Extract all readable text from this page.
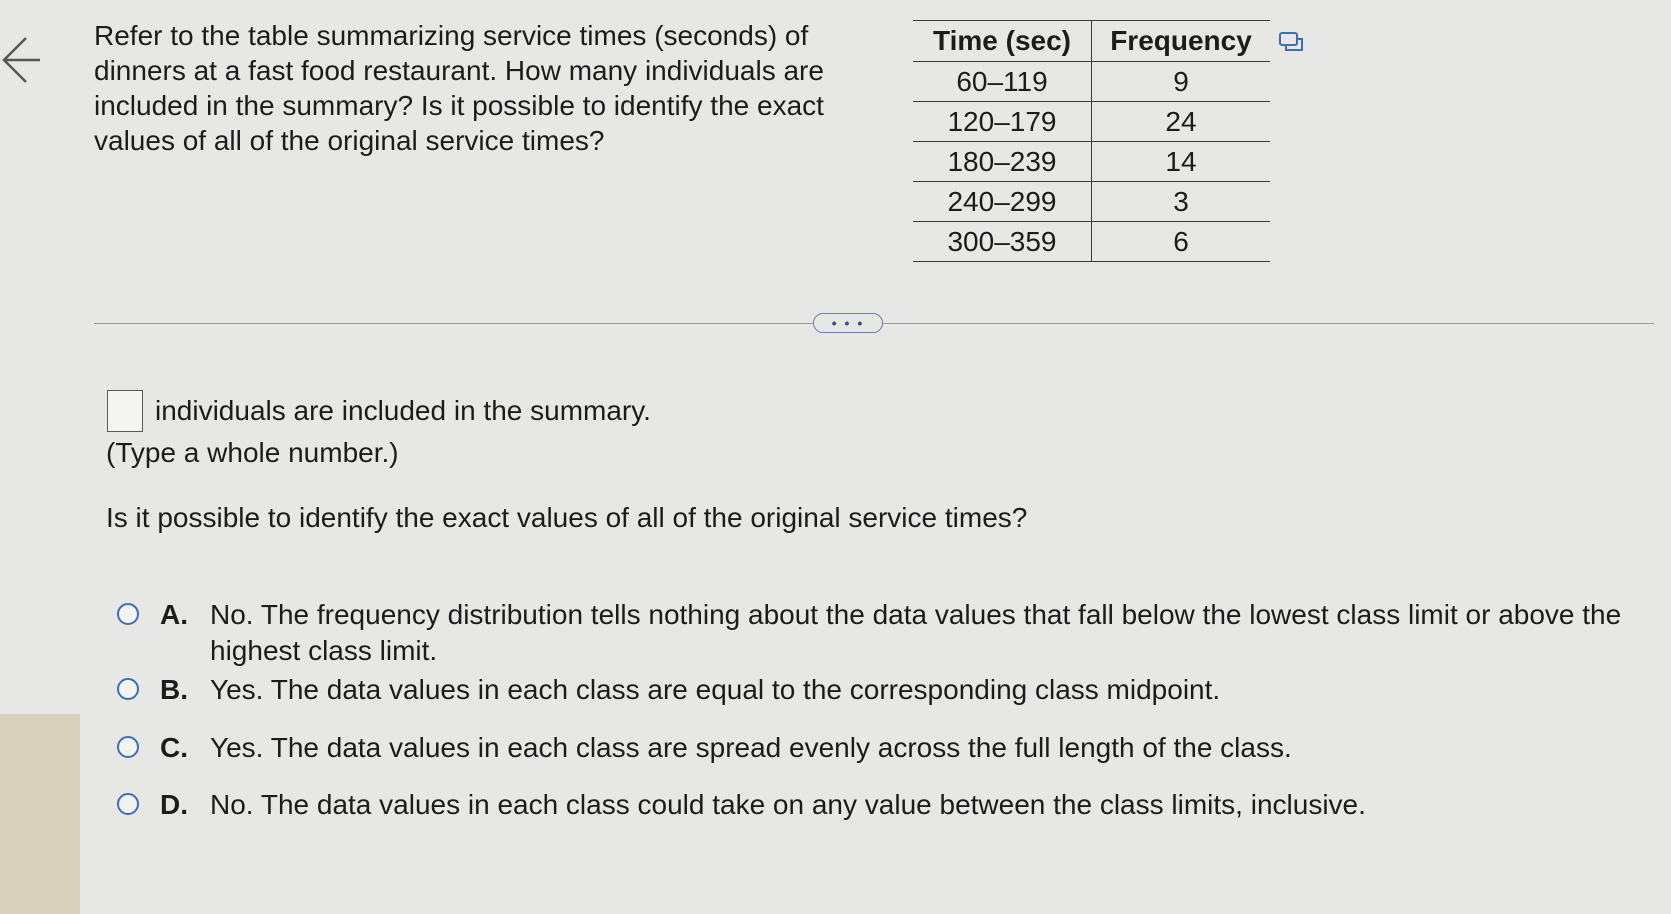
Refer to the table summarizing service times (seconds) of dinners at a fast food restaurant. How many individuals are included in the summary? Is it possible to identify the exact values of all of the original service times?
Time (sec)	Frequency
60–119	9
120–179	24
180–239	14
240–299	3
300–359	6
• • •
individuals are included in the summary.
(Type a whole number.)
Is it possible to identify the exact values of all of the original service times?
A. No. The frequency distribution tells nothing about the data values that fall below the lowest class limit or above the highest class limit.
B. Yes. The data values in each class are equal to the corresponding class midpoint.
C. Yes. The data values in each class are spread evenly across the full length of the class.
D. No. The data values in each class could take on any value between the class limits, inclusive.
